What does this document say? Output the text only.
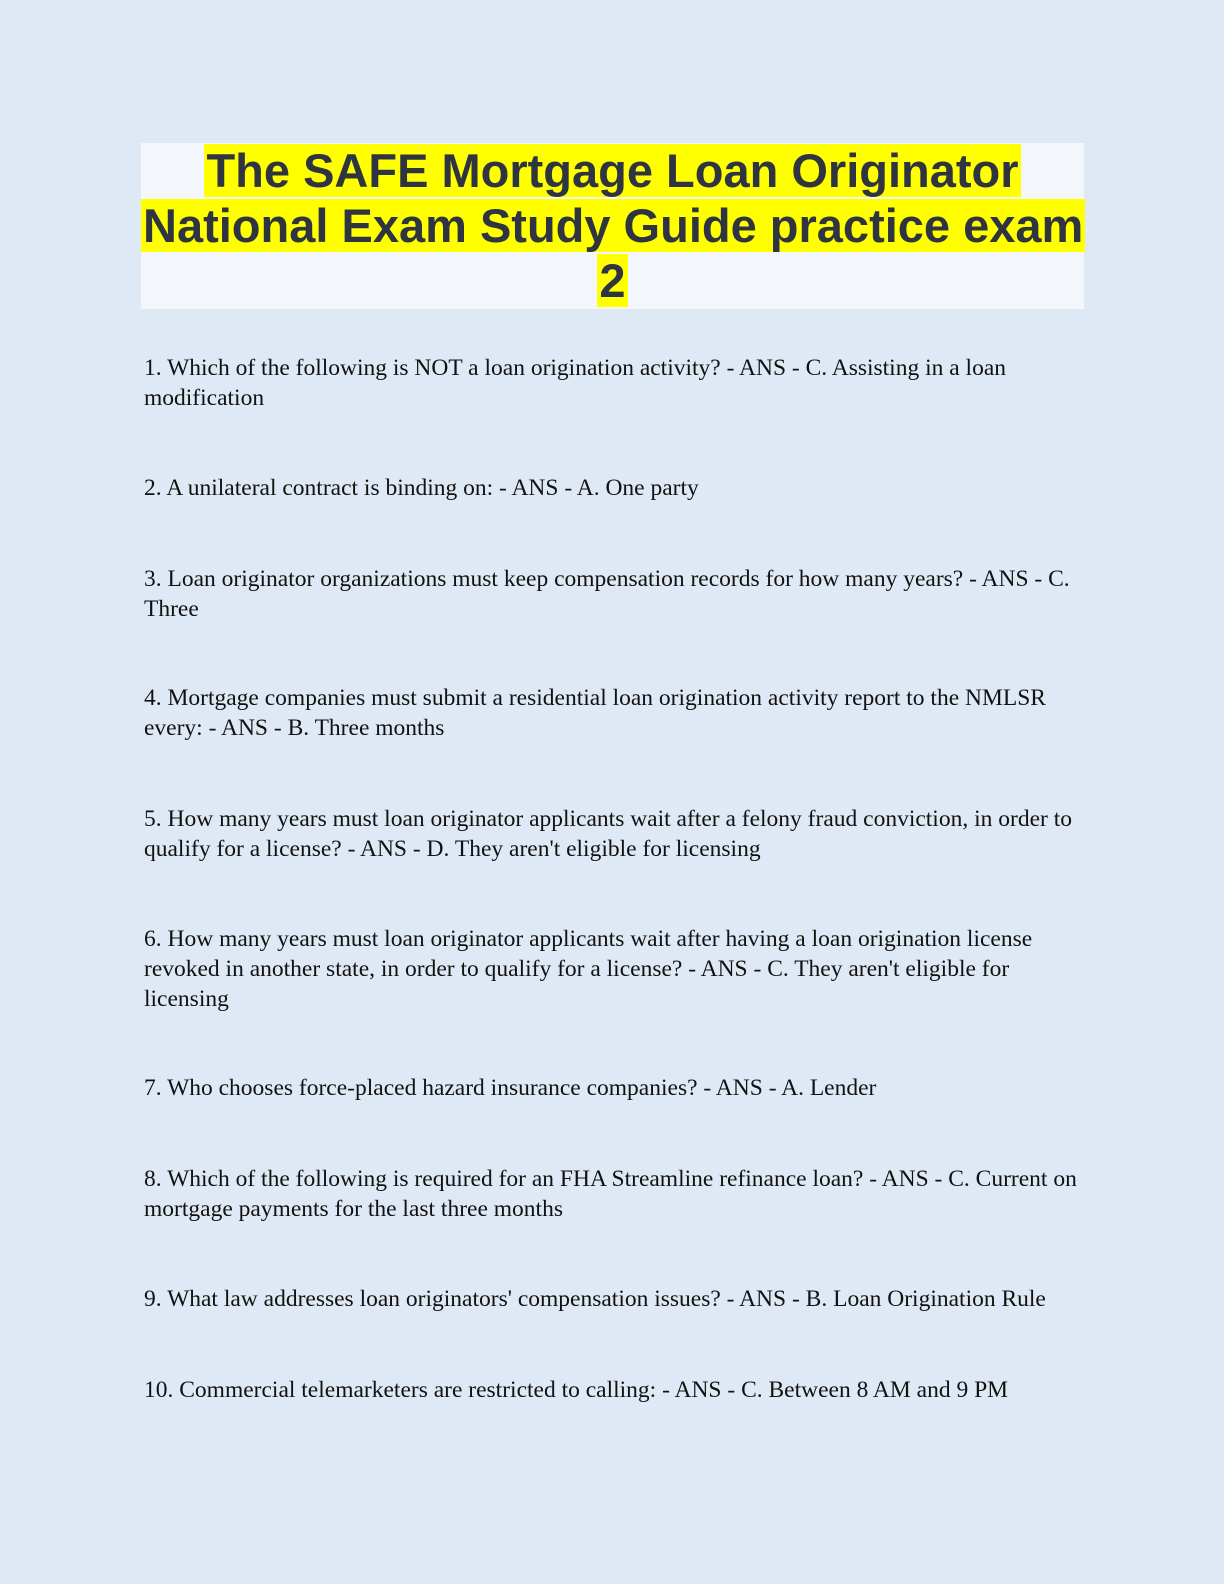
The SAFE Mortgage Loan Originator National Exam Study Guide practice exam 2

1. Which of the following is NOT a loan origination activity? - ANS - C. Assisting in a loan modification

2. A unilateral contract is binding on: - ANS - A. One party

3. Loan originator organizations must keep compensation records for how many years? - ANS - C. Three

4. Mortgage companies must submit a residential loan origination activity report to the NMLSR every: - ANS - B. Three months

5. How many years must loan originator applicants wait after a felony fraud conviction, in order to qualify for a license? - ANS - D. They aren't eligible for licensing

6. How many years must loan originator applicants wait after having a loan origination license revoked in another state, in order to qualify for a license? - ANS - C. They aren't eligible for licensing

7. Who chooses force-placed hazard insurance companies? - ANS - A. Lender

8. Which of the following is required for an FHA Streamline refinance loan? - ANS - C. Current on mortgage payments for the last three months

9. What law addresses loan originators' compensation issues? - ANS - B. Loan Origination Rule

10. Commercial telemarketers are restricted to calling: - ANS - C. Between 8 AM and 9 PM
